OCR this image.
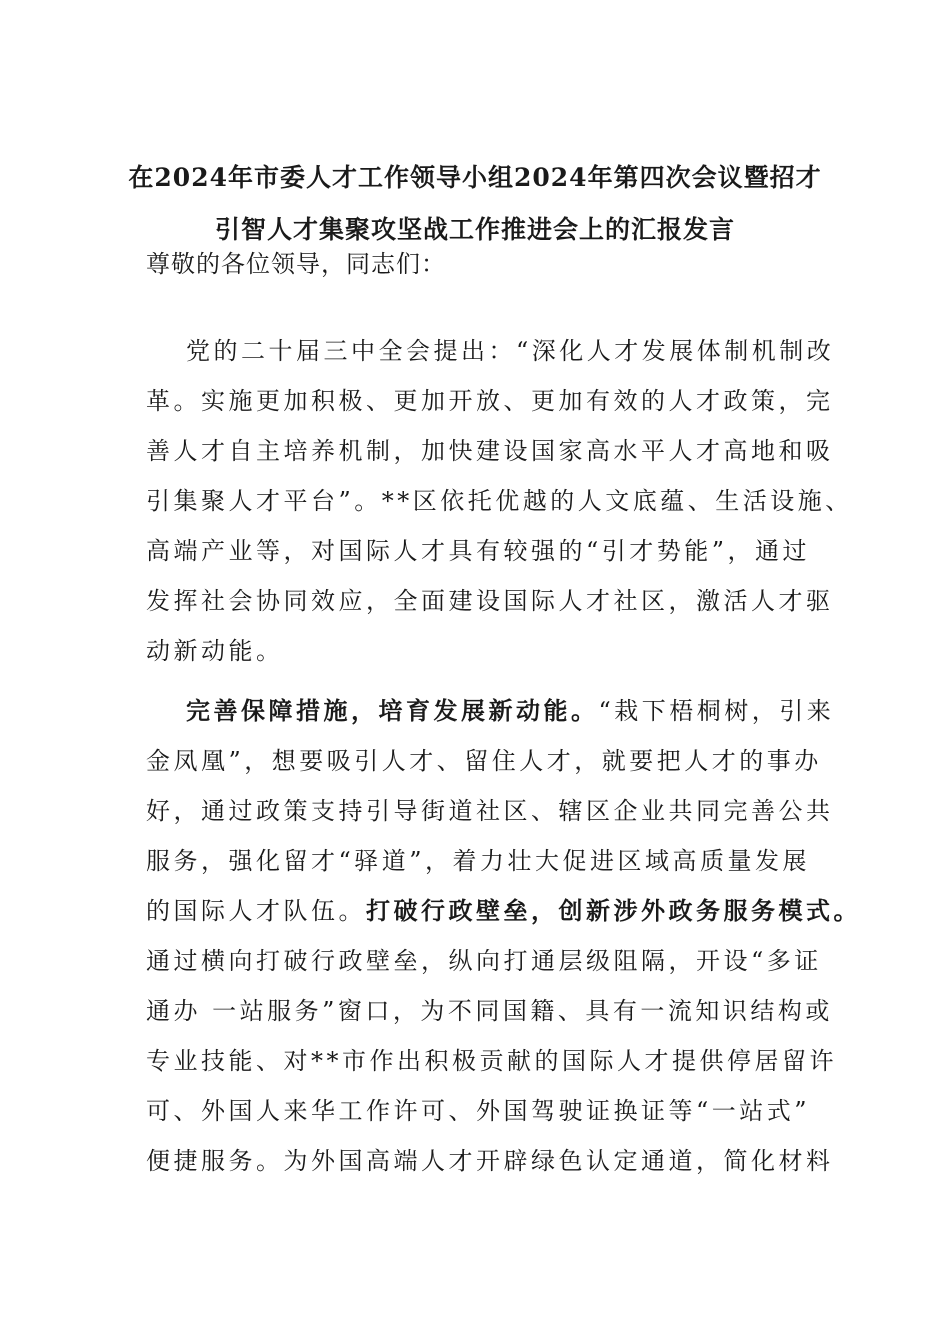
在2024年市委人才工作领导小组2024年第四次会议暨招才
引智人才集聚攻坚战工作推进会上的汇报发言

尊敬的各位领导，同志们：

党的二十届三中全会提出：“深化人才发展体制机制改
革。实施更加积极、更加开放、更加有效的人才政策，完
善人才自主培养机制，加快建设国家高水平人才高地和吸
引集聚人才平台”。**区依托优越的人文底蕴、生活设施、
高端产业等，对国际人才具有较强的“引才势能”，通过
发挥社会协同效应，全面建设国际人才社区，激活人才驱
动新动能。
完善保障措施，培育发展新动能。“栽下梧桐树，引来
金凤凰”，想要吸引人才、留住人才，就要把人才的事办
好，通过政策支持引导街道社区、辖区企业共同完善公共
服务，强化留才“驿道”，着力壮大促进区域高质量发展
的国际人才队伍。打破行政壁垒，创新涉外政务服务模式。
通过横向打破行政壁垒，纵向打通层级阻隔，开设“多证
通办 一站服务”窗口，为不同国籍、具有一流知识结构或
专业技能、对**市作出积极贡献的国际人才提供停居留许
可、外国人来华工作许可、外国驾驶证换证等“一站式”
便捷服务。为外国高端人才开辟绿色认定通道，简化材料
